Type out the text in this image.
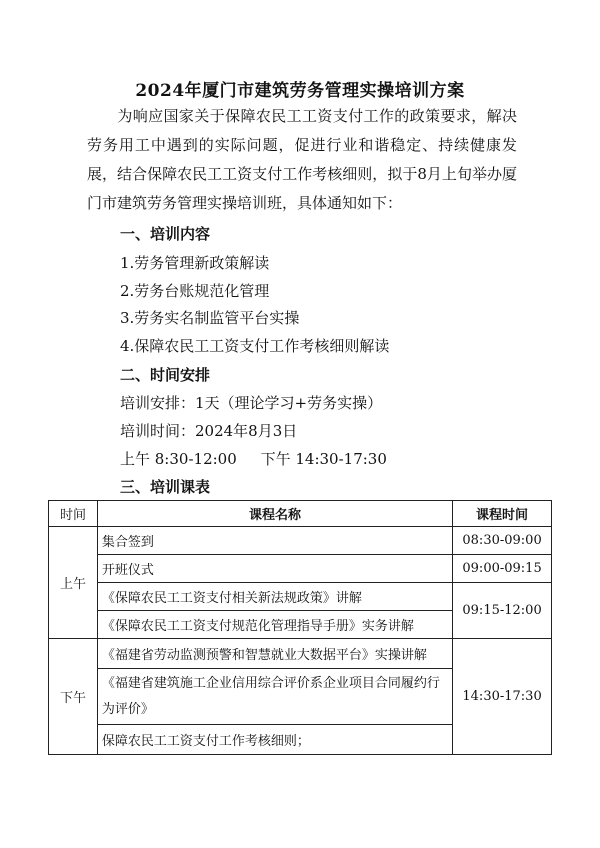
2024年厦门市建筑劳务管理实操培训方案
为响应国家关于保障农民工工资支付工作的政策要求，解决劳务用工中遇到的实际问题，促进行业和谐稳定、持续健康发展，结合保障农民工工资支付工作考核细则，拟于8月上旬举办厦门市建筑劳务管理实操培训班，具体通知如下：
一、培训内容
1.劳务管理新政策解读
2.劳务台账规范化管理
3.劳务实名制监管平台实操
4.保障农民工工资支付工作考核细则解读
二、时间安排
培训安排：1天（理论学习+劳务实操）
培训时间：2024年8月3日
上午 8:30-12:00     下午 14:30-17:30
三、培训课表
时间	课程名称	课程时间
上午	集合签到	08:30-09:00
	开班仪式	09:00-09:15
	《保障农民工工资支付相关新法规政策》讲解	09:15-12:00
	《保障农民工工资支付规范化管理指导手册》实务讲解	
下午	《福建省劳动监测预警和智慧就业大数据平台》实操讲解	14:30-17:30
	《福建省建筑施工企业信用综合评价系企业项目合同履约行为评价》	
	保障农民工工资支付工作考核细则；	
